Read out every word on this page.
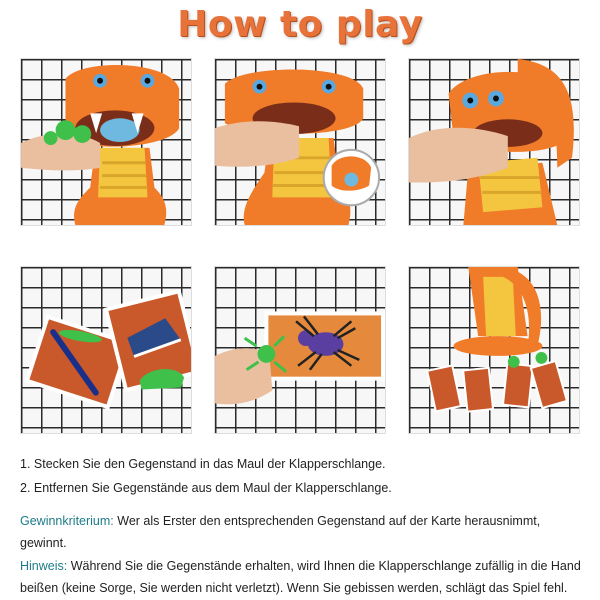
How to play
1. Stecken Sie den Gegenstand in das Maul der Klapperschlange.
2. Entfernen Sie Gegenstände aus dem Maul der Klapperschlange.
Gewinnkriterium: Wer als Erster den entsprechenden Gegenstand auf der Karte herausnimmt, gewinnt.
Hinweis: Während Sie die Gegenstände erhalten, wird Ihnen die Klapperschlange zufällig in die Hand beißen (keine Sorge, Sie werden nicht verletzt). Wenn Sie gebissen werden, schlägt das Spiel fehl.
